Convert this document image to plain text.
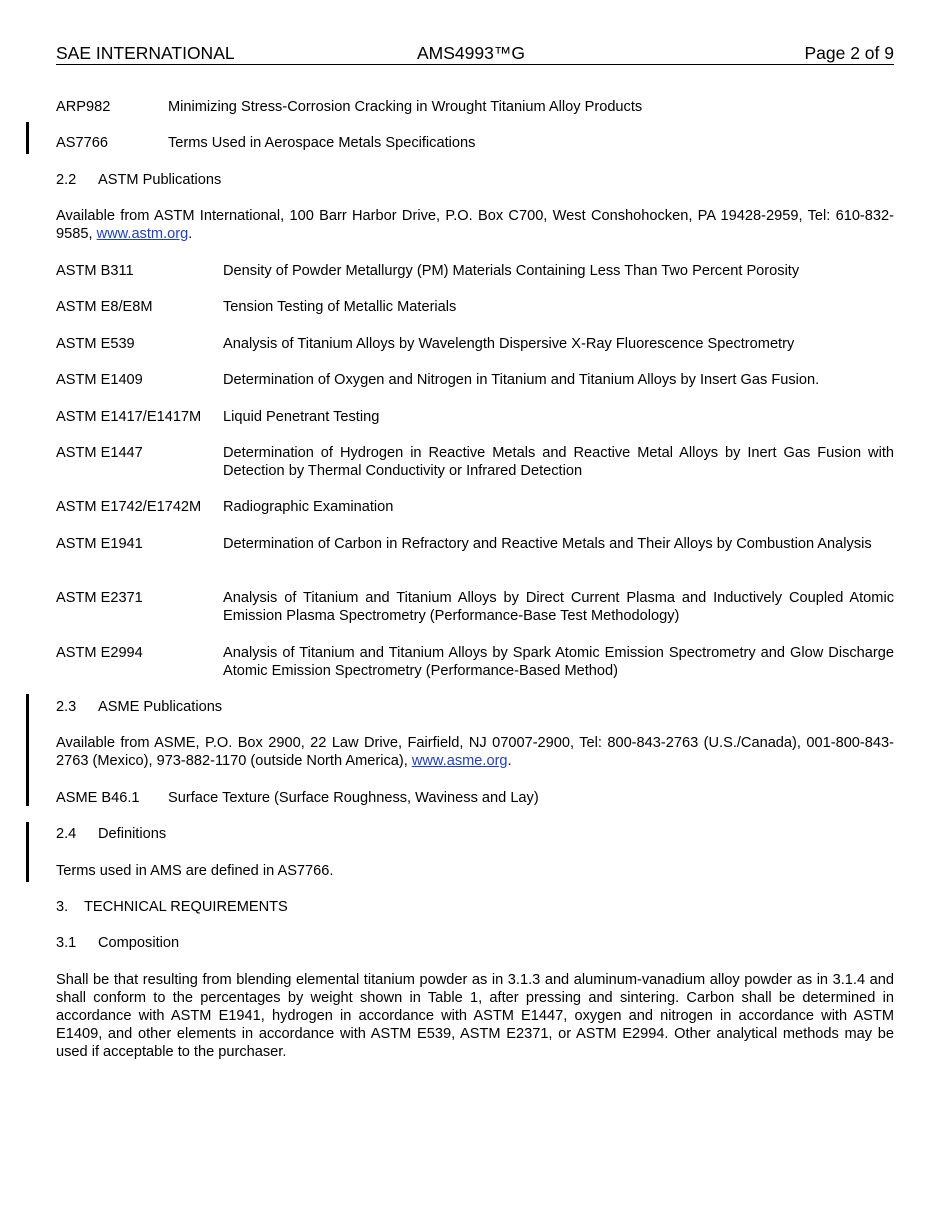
SAE INTERNATIONAL	AMS4993™G	Page 2 of 9
ARP982	Minimizing Stress-Corrosion Cracking in Wrought Titanium Alloy Products
AS7766	Terms Used in Aerospace Metals Specifications
2.2 ASTM Publications
Available from ASTM International, 100 Barr Harbor Drive, P.O. Box C700, West Conshohocken, PA 19428-2959, Tel: 610-832-9585, www.astm.org.
ASTM B311	Density of Powder Metallurgy (PM) Materials Containing Less Than Two Percent Porosity
ASTM E8/E8M	Tension Testing of Metallic Materials
ASTM E539	Analysis of Titanium Alloys by Wavelength Dispersive X-Ray Fluorescence Spectrometry
ASTM E1409	Determination of Oxygen and Nitrogen in Titanium and Titanium Alloys by Insert Gas Fusion.
ASTM E1417/E1417M	Liquid Penetrant Testing
ASTM E1447	Determination of Hydrogen in Reactive Metals and Reactive Metal Alloys by Inert Gas Fusion with Detection by Thermal Conductivity or Infrared Detection
ASTM E1742/E1742M	Radiographic Examination
ASTM E1941	Determination of Carbon in Refractory and Reactive Metals and Their Alloys by Combustion Analysis
ASTM E2371	Analysis of Titanium and Titanium Alloys by Direct Current Plasma and Inductively Coupled Atomic Emission Plasma Spectrometry (Performance-Base Test Methodology)
ASTM E2994	Analysis of Titanium and Titanium Alloys by Spark Atomic Emission Spectrometry and Glow Discharge Atomic Emission Spectrometry (Performance-Based Method)
2.3 ASME Publications
Available from ASME, P.O. Box 2900, 22 Law Drive, Fairfield, NJ 07007-2900, Tel: 800-843-2763 (U.S./Canada), 001-800-843-2763 (Mexico), 973-882-1170 (outside North America), www.asme.org.
ASME B46.1	Surface Texture (Surface Roughness, Waviness and Lay)
2.4 Definitions
Terms used in AMS are defined in AS7766.
3. TECHNICAL REQUIREMENTS
3.1 Composition
Shall be that resulting from blending elemental titanium powder as in 3.1.3 and aluminum-vanadium alloy powder as in 3.1.4 and shall conform to the percentages by weight shown in Table 1, after pressing and sintering. Carbon shall be determined in accordance with ASTM E1941, hydrogen in accordance with ASTM E1447, oxygen and nitrogen in accordance with ASTM E1409, and other elements in accordance with ASTM E539, ASTM E2371, or ASTM E2994. Other analytical methods may be used if acceptable to the purchaser.
